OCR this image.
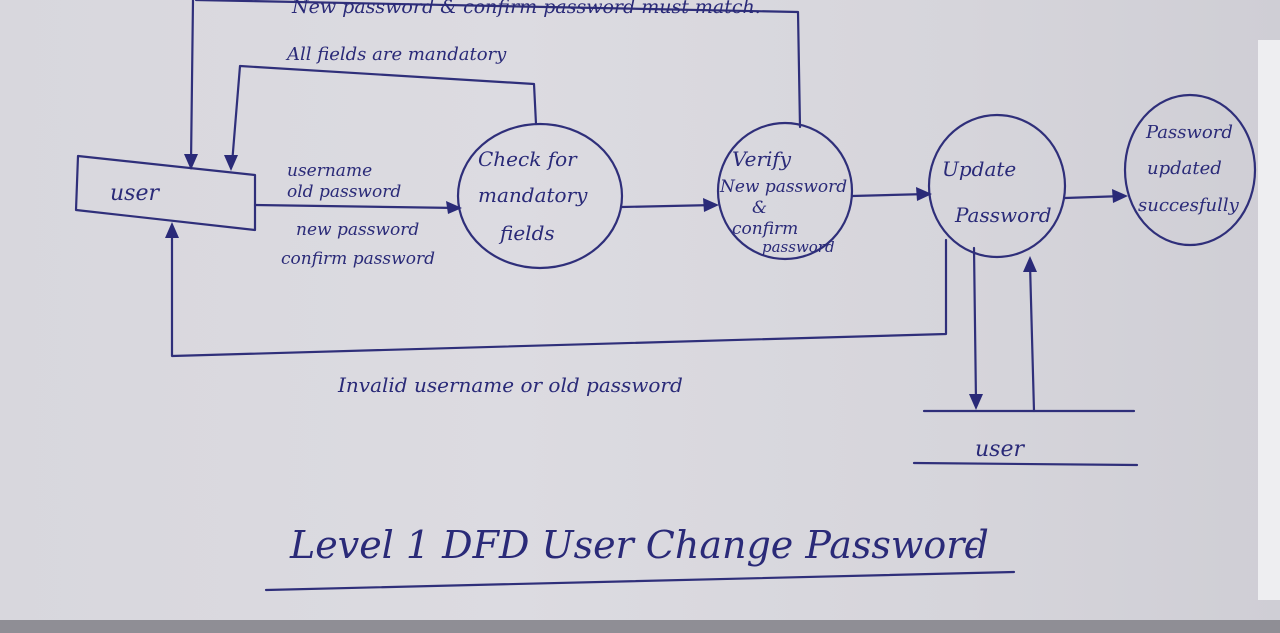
user
Check for
mandatory
fields
Verify
New password
&
confirm
password
Update
Password
Password
updated
succesfully
username
old password
new password
confirm password
New password & confirm password must match.
All fields are mandatory
Invalid username or old password
user
Level 1 DFD User Change Password
